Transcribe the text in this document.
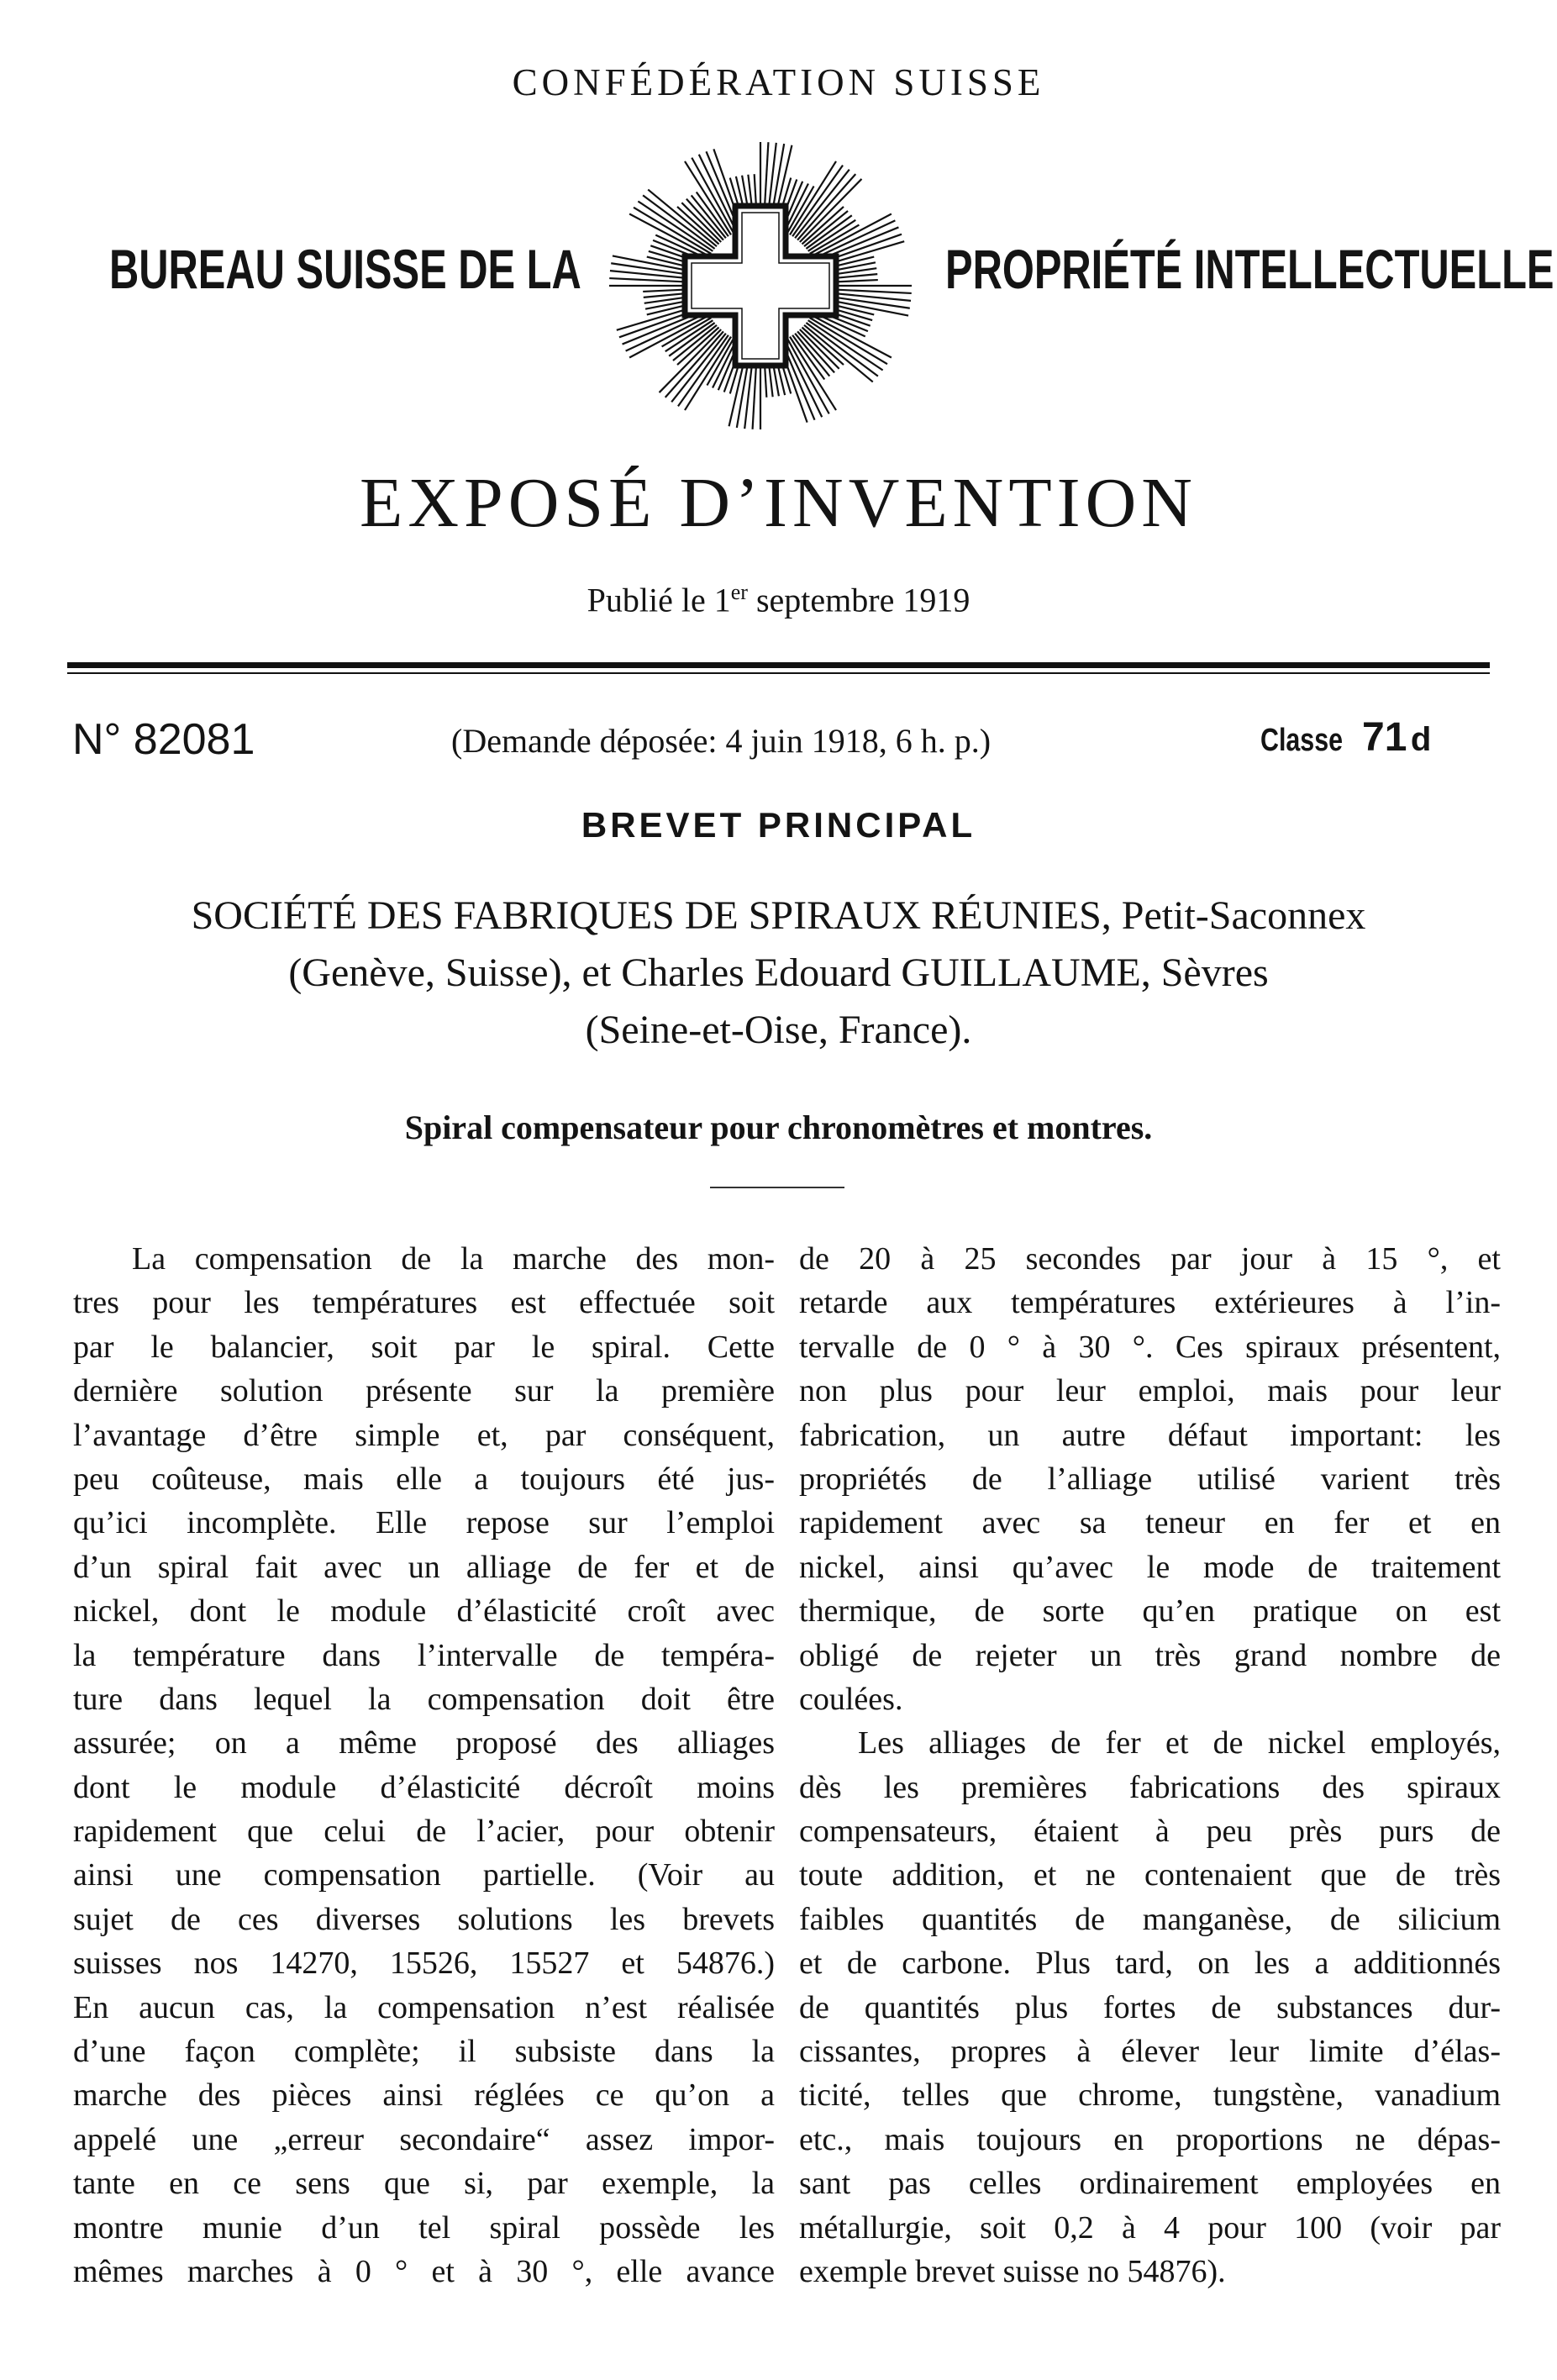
CONFÉDÉRATION SUISSE
BUREAU SUISSE DE LA	PROPRIÉTÉ INTELLECTUELLE
EXPOSÉ D’INVENTION
Publié le 1er septembre 1919
N° 82081	(Demande déposée: 4 juin 1918, 6 h. p.)	Classe 71 d
BREVET PRINCIPAL
SOCIÉTÉ DES FABRIQUES DE SPIRAUX RÉUNIES, Petit-Saconnex
(Genève, Suisse), et Charles Edouard GUILLAUME, Sèvres
(Seine-et-Oise, France).
Spiral compensateur pour chronomètres et montres.
La compensation de la marche des mon-
tres pour les températures est effectuée soit
par le balancier, soit par le spiral. Cette
dernière solution présente sur la première
l’avantage d’être simple et, par conséquent,
peu coûteuse, mais elle a toujours été jus-
qu’ici incomplète. Elle repose sur l’emploi
d’un spiral fait avec un alliage de fer et de
nickel, dont le module d’élasticité croît avec
la température dans l’intervalle de tempéra-
ture dans lequel la compensation doit être
assurée; on a même proposé des alliages
dont le module d’élasticité décroît moins
rapidement que celui de l’acier, pour obtenir
ainsi une compensation partielle. (Voir au
sujet de ces diverses solutions les brevets
suisses nos 14270, 15526, 15527 et 54876.)
En aucun cas, la compensation n’est réalisée
d’une façon complète; il subsiste dans la
marche des pièces ainsi réglées ce qu’on a
appelé une „erreur secondaire“ assez impor-
tante en ce sens que si, par exemple, la
montre munie d’un tel spiral possède les
mêmes marches à 0 ° et à 30 °, elle avance
de 20 à 25 secondes par jour à 15 °, et
retarde aux températures extérieures à l’in-
tervalle de 0 ° à 30 °. Ces spiraux présentent,
non plus pour leur emploi, mais pour leur
fabrication, un autre défaut important: les
propriétés de l’alliage utilisé varient très
rapidement avec sa teneur en fer et en
nickel, ainsi qu’avec le mode de traitement
thermique, de sorte qu’en pratique on est
obligé de rejeter un très grand nombre de
coulées.
Les alliages de fer et de nickel employés,
dès les premières fabrications des spiraux
compensateurs, étaient à peu près purs de
toute addition, et ne contenaient que de très
faibles quantités de manganèse, de silicium
et de carbone. Plus tard, on les a additionnés
de quantités plus fortes de substances dur-
cissantes, propres à élever leur limite d’élas-
ticité, telles que chrome, tungstène, vanadium
etc., mais toujours en proportions ne dépas-
sant pas celles ordinairement employées en
métallurgie, soit 0,2 à 4 pour 100 (voir par
exemple brevet suisse no 54876).
